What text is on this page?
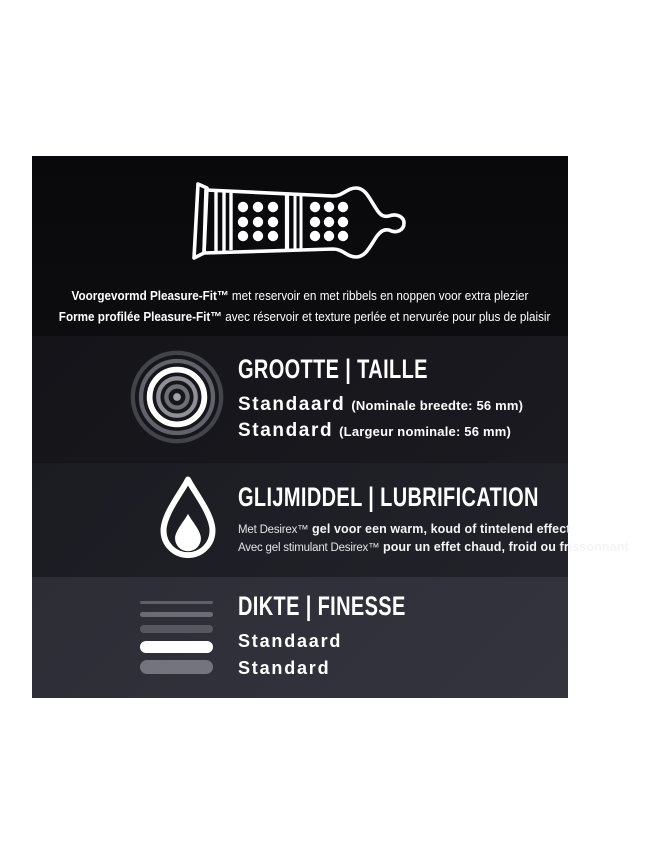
Voorgevormd Pleasure-Fit™ met reservoir en met ribbels en noppen voor extra plezier
Forme profilée Pleasure-Fit™ avec réservoir et texture perlée et nervurée pour plus de plaisir
GROOTTE | TAILLE
Standaard (Nominale breedte: 56 mm)
Standard (Largeur nominale: 56 mm)
GLIJMIDDEL | LUBRIFICATION
Met Desirex™ gel voor een warm, koud of tintelend effect
Avec gel stimulant Desirex™ pour un effet chaud, froid ou frissonnant
DIKTE | FINESSE
Standaard
Standard
